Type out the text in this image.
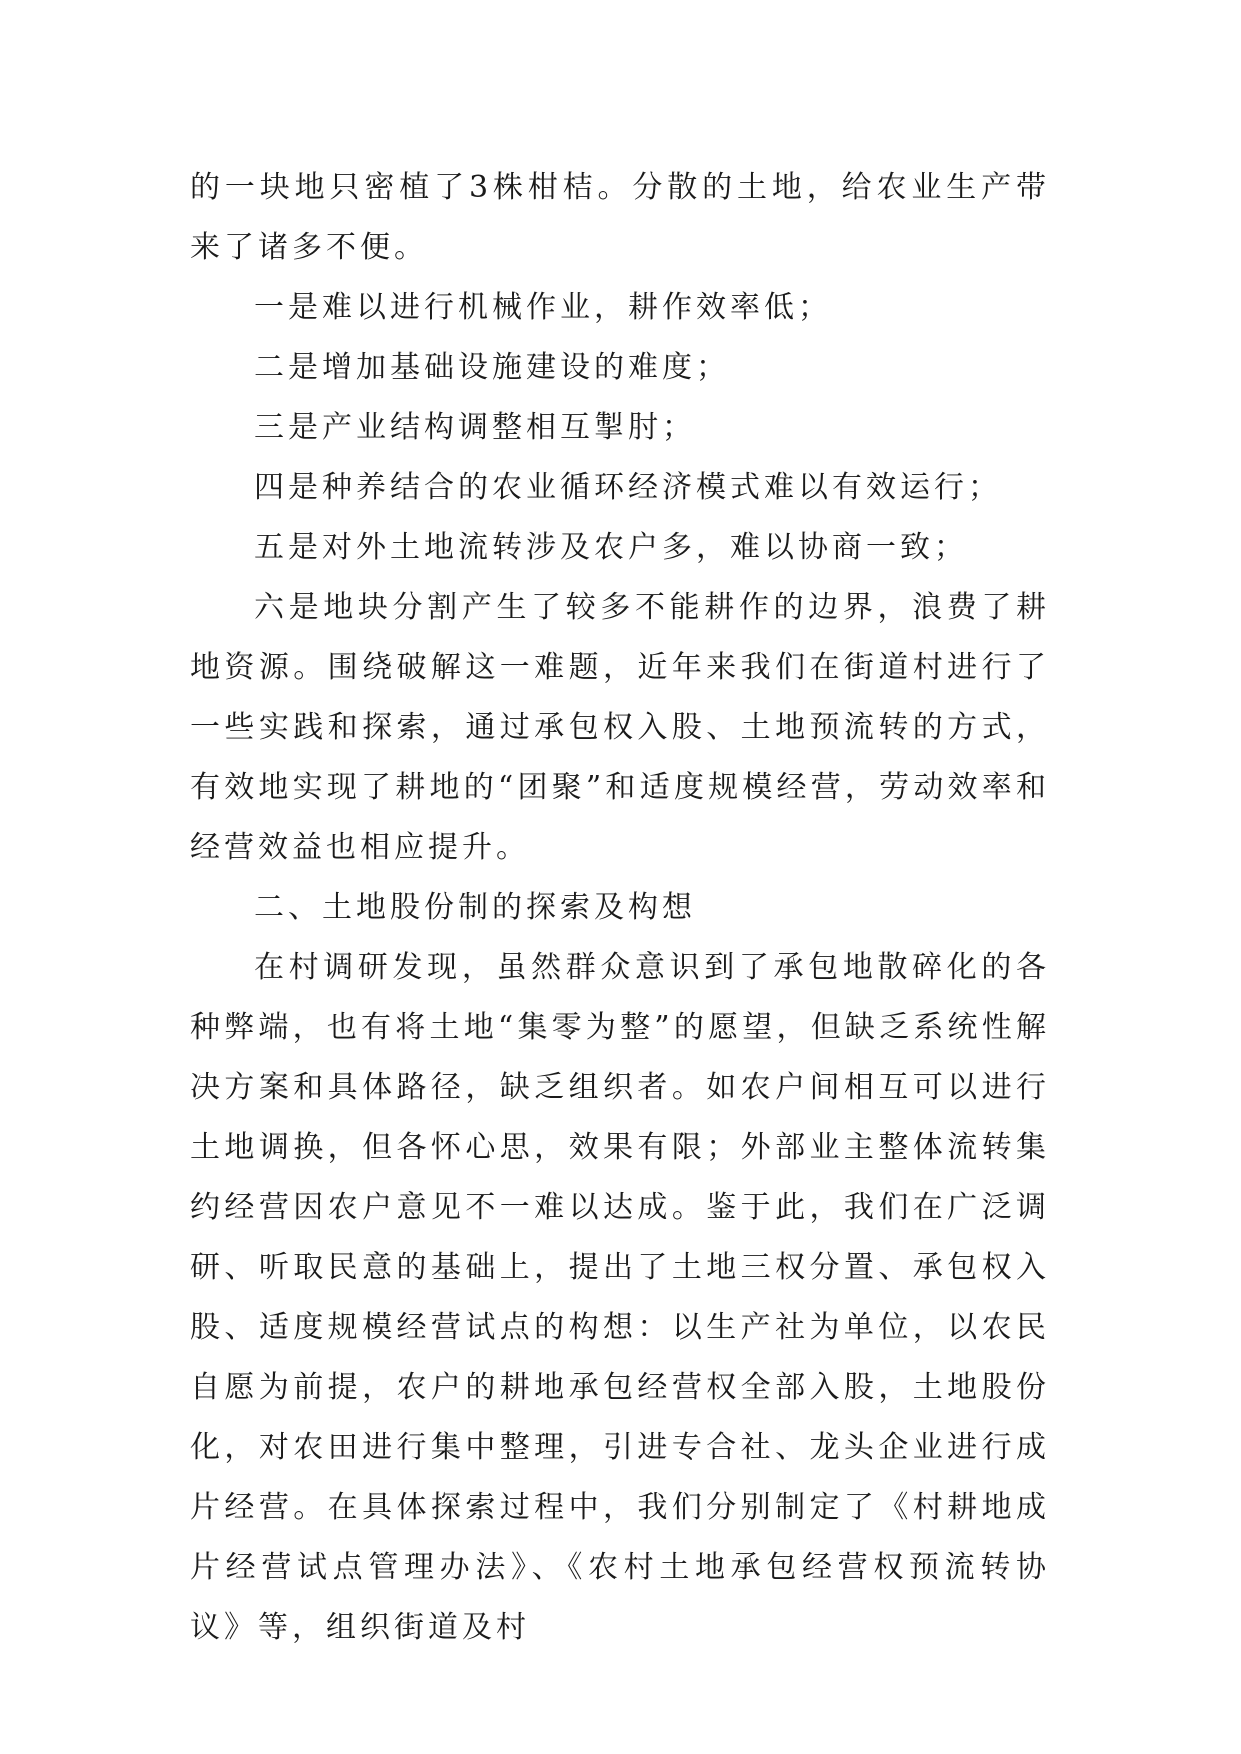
的一块地只密植了3株柑桔。分散的土地，给农业生产带来了诸多不便。

一是难以进行机械作业，耕作效率低；

二是增加基础设施建设的难度；

三是产业结构调整相互掣肘；

四是种养结合的农业循环经济模式难以有效运行；

五是对外土地流转涉及农户多，难以协商一致；

六是地块分割产生了较多不能耕作的边界，浪费了耕地资源。围绕破解这一难题，近年来我们在街道村进行了一些实践和探索，通过承包权入股、土地预流转的方式，有效地实现了耕地的“团聚”和适度规模经营，劳动效率和经营效益也相应提升。

二、土地股份制的探索及构想

在村调研发现，虽然群众意识到了承包地散碎化的各种弊端，也有将土地“集零为整”的愿望，但缺乏系统性解决方案和具体路径，缺乏组织者。如农户间相互可以进行土地调换，但各怀心思，效果有限；外部业主整体流转集约经营因农户意见不一难以达成。鉴于此，我们在广泛调研、听取民意的基础上，提出了土地三权分置、承包权入股、适度规模经营试点的构想：以生产社为单位，以农民自愿为前提，农户的耕地承包经营权全部入股，土地股份化，对农田进行集中整理，引进专合社、龙头企业进行成片经营。在具体探索过程中，我们分别制定了《村耕地成片经营试点管理办法》、《农村土地承包经营权预流转协议》等，组织街道及村
